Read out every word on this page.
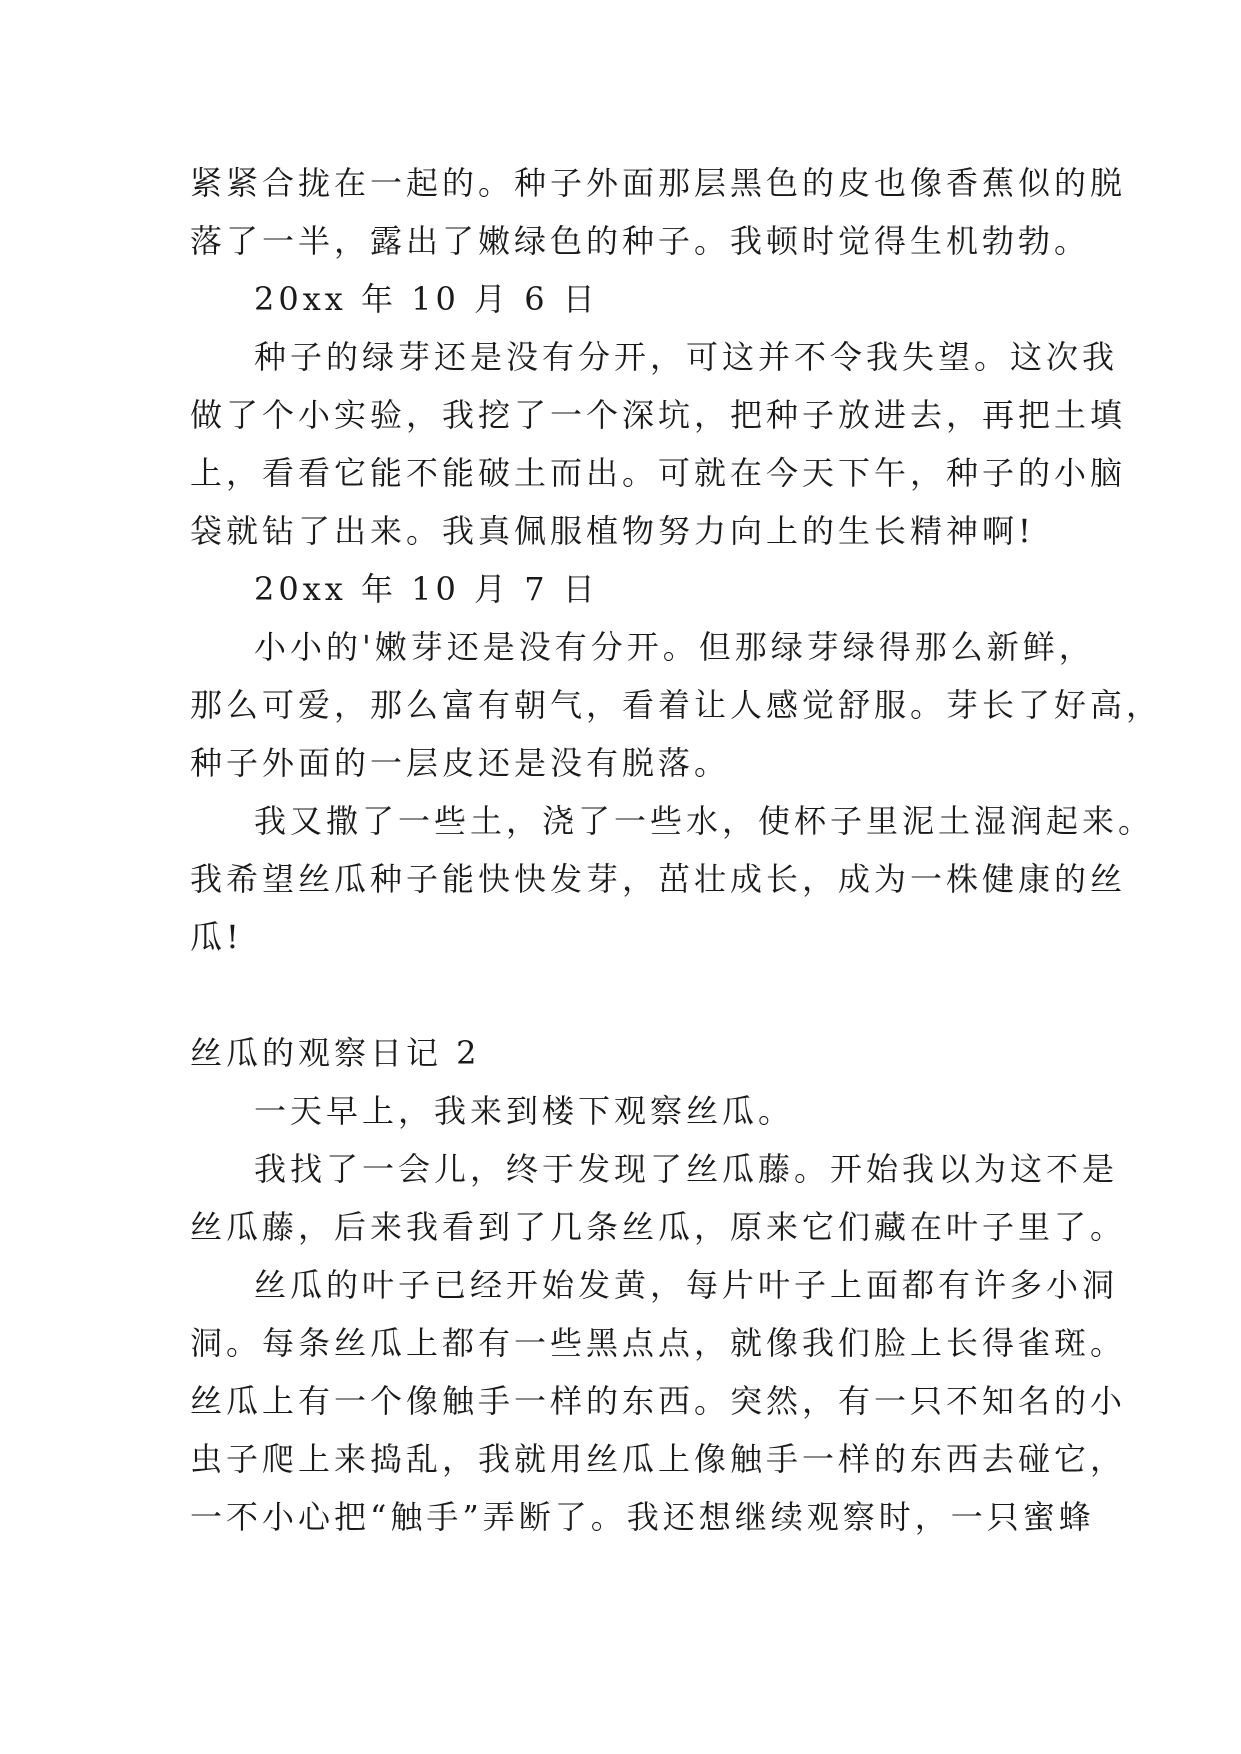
紧紧合拢在一起的。种子外面那层黑色的皮也像香蕉似的脱
落了一半，露出了嫩绿色的种子。我顿时觉得生机勃勃。
20xx 年 10 月 6 日
种子的绿芽还是没有分开，可这并不令我失望。这次我
做了个小实验，我挖了一个深坑，把种子放进去，再把土填
上，看看它能不能破土而出。可就在今天下午，种子的小脑
袋就钻了出来。我真佩服植物努力向上的生长精神啊!
20xx 年 10 月 7 日
小小的'嫩芽还是没有分开。但那绿芽绿得那么新鲜，
那么可爱，那么富有朝气，看着让人感觉舒服。芽长了好高，
种子外面的一层皮还是没有脱落。
我又撒了一些土，浇了一些水，使杯子里泥土湿润起来。
我希望丝瓜种子能快快发芽，茁壮成长，成为一株健康的丝
瓜!
丝瓜的观察日记 2
一天早上，我来到楼下观察丝瓜。
我找了一会儿，终于发现了丝瓜藤。开始我以为这不是
丝瓜藤，后来我看到了几条丝瓜，原来它们藏在叶子里了。
丝瓜的叶子已经开始发黄，每片叶子上面都有许多小洞
洞。每条丝瓜上都有一些黑点点，就像我们脸上长得雀斑。
丝瓜上有一个像触手一样的东西。突然，有一只不知名的小
虫子爬上来捣乱，我就用丝瓜上像触手一样的东西去碰它，
一不小心把“触手”弄断了。我还想继续观察时，一只蜜蜂
